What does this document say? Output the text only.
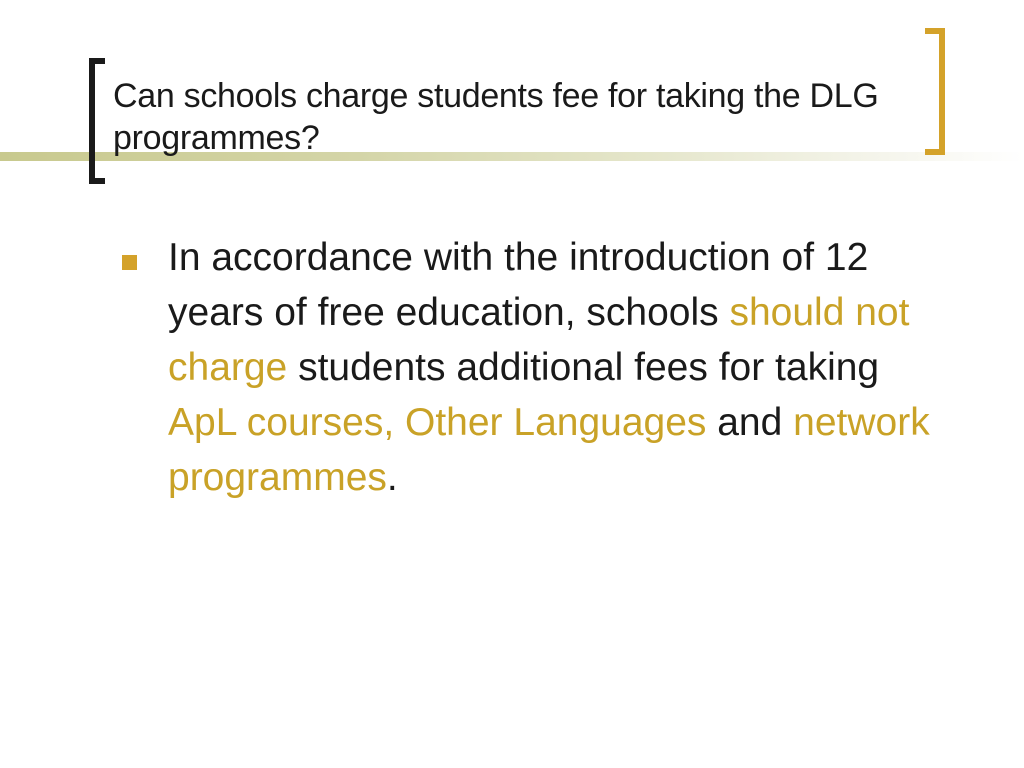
Can schools charge students fee for taking the DLG programmes?

In accordance with the introduction of 12 years of free education, schools should not charge students additional fees for taking ApL courses, Other Languages and network programmes.
